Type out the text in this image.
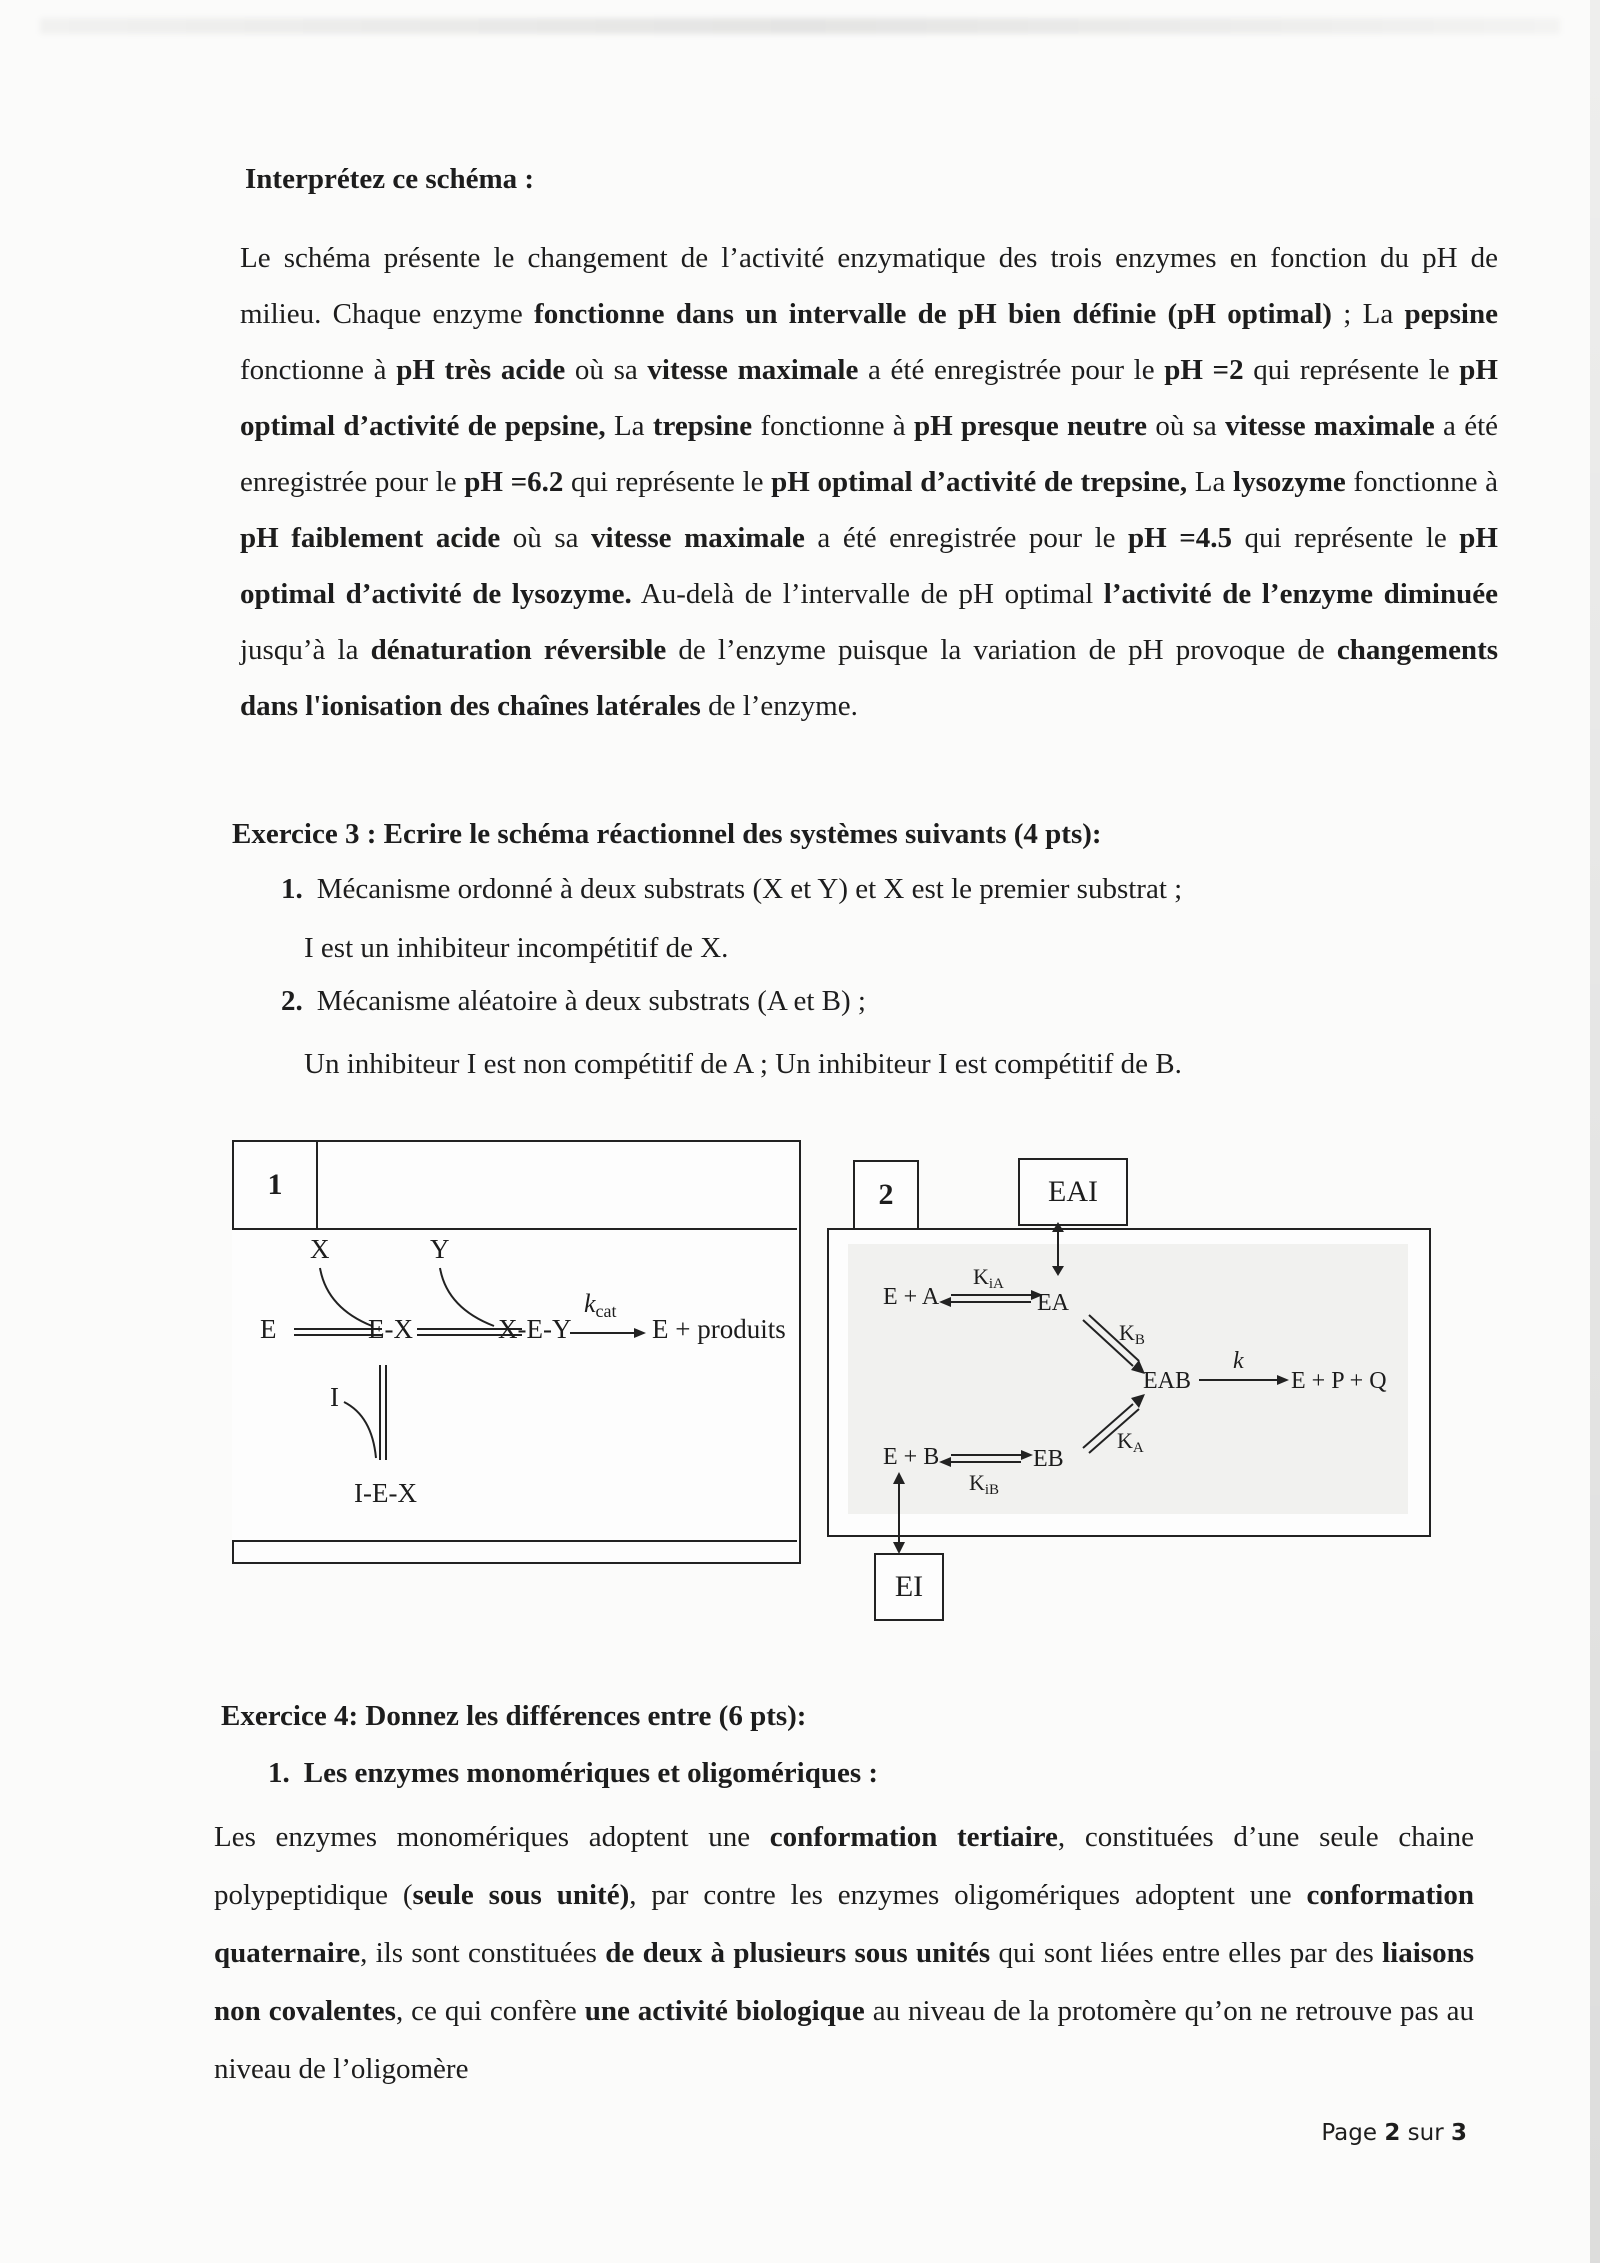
Interprétez ce schéma :
Le schéma présente le changement de l’activité enzymatique des trois enzymes en fonction du pH de milieu. Chaque enzyme fonctionne dans un intervalle de pH bien définie (pH optimal) ; La pepsine fonctionne à pH très acide où sa vitesse maximale a été enregistrée pour le pH =2 qui représente le pH optimal d’activité de pepsine, La trepsine fonctionne à pH presque neutre où sa vitesse maximale a été enregistrée pour le pH =6.2 qui représente le pH optimal d’activité de trepsine, La lysozyme fonctionne à pH faiblement acide où sa vitesse maximale a été enregistrée pour le pH =4.5 qui représente le pH optimal d’activité de lysozyme. Au-delà de l’intervalle de pH optimal l’activité de l’enzyme diminuée jusqu’à la dénaturation réversible de l’enzyme puisque la variation de pH provoque de changements dans l'ionisation des chaînes latérales de l’enzyme.
Exercice 3 : Ecrire le schéma réactionnel des systèmes suivants (4 pts):
1. Mécanisme ordonné à deux substrats (X et Y) et X est le premier substrat ;
I est un inhibiteur incompétitif de X.
2. Mécanisme aléatoire à deux substrats (A et B) ;
Un inhibiteur I est non compétitif de A ; Un inhibiteur I est compétitif de B.
1
E
X
E-X
Y
X-E-Y
kcat
E + produits
I
I-E-X
2	EAI
EI
E + A
KiA
EA
KB
EAB
k
E + P + Q
KA
E + B	EB
KiB
Exercice 4: Donnez les différences entre (6 pts):
1. Les enzymes monomériques et oligomériques :
Les enzymes monomériques adoptent une conformation tertiaire, constituées d’une seule chaine polypeptidique (seule sous unité), par contre les enzymes oligomériques adoptent une conformation quaternaire, ils sont constituées de deux à plusieurs sous unités qui sont liées entre elles par des liaisons non covalentes, ce qui confère une activité biologique au niveau de la protomère qu’on ne retrouve pas au niveau de l’oligomère
Page 2 sur 3
